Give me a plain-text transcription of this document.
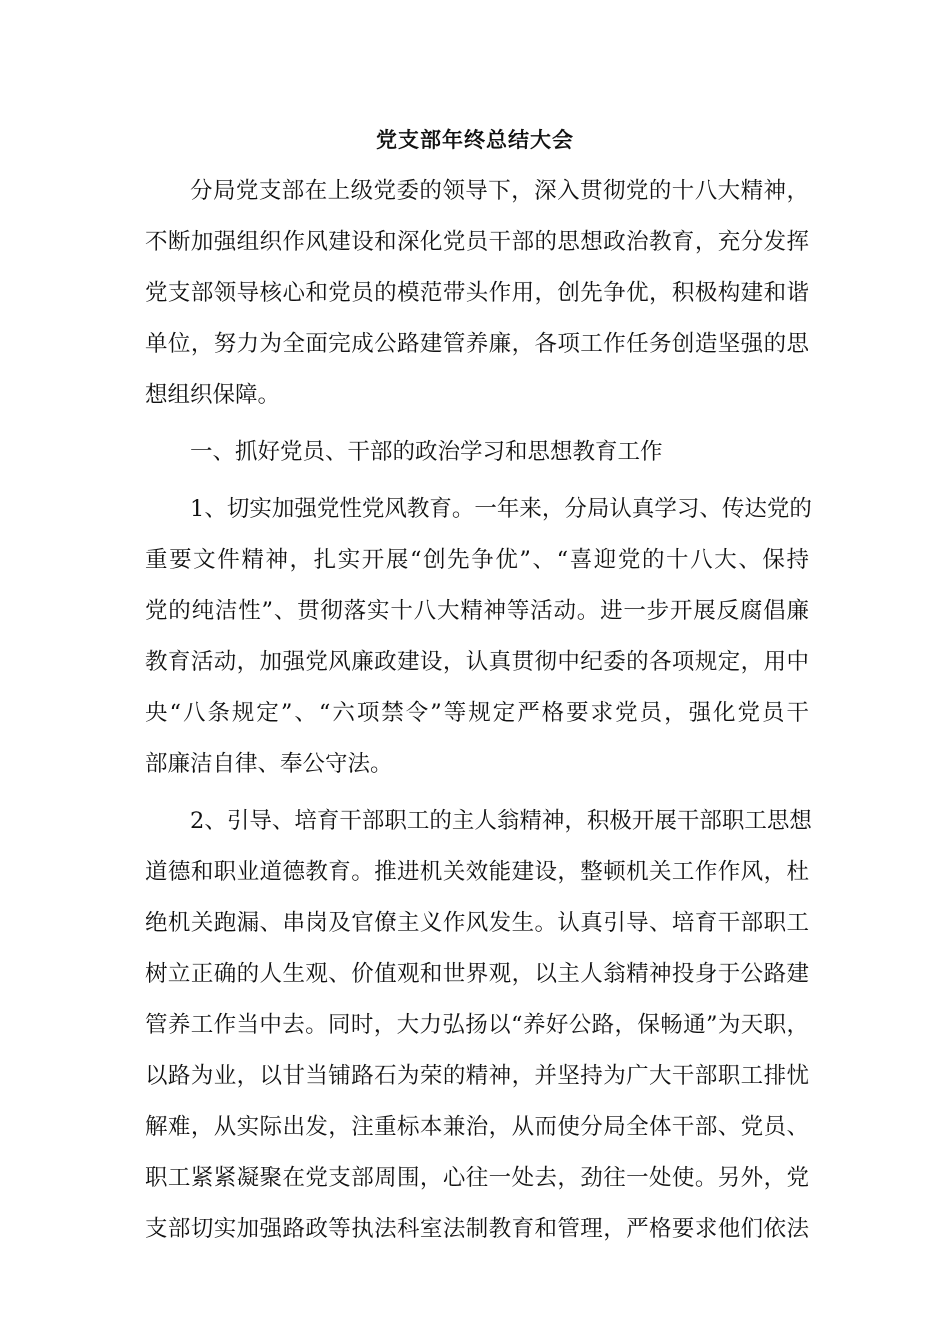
党支部年终总结大会
分局党支部在上级党委的领导下，深入贯彻党的十八大精神，
不断加强组织作风建设和深化党员干部的思想政治教育，充分发挥
党支部领导核心和党员的模范带头作用，创先争优，积极构建和谐
单位，努力为全面完成公路建管养廉，各项工作任务创造坚强的思
想组织保障。
一、抓好党员、干部的政治学习和思想教育工作
1、切实加强党性党风教育。一年来，分局认真学习、传达党的
重要文件精神，扎实开展“创先争优”、“喜迎党的十八大、保持
党的纯洁性”、贯彻落实十八大精神等活动。进一步开展反腐倡廉
教育活动，加强党风廉政建设，认真贯彻中纪委的各项规定，用中
央“八条规定”、“六项禁令”等规定严格要求党员，强化党员干
部廉洁自律、奉公守法。
2、引导、培育干部职工的主人翁精神，积极开展干部职工思想
道德和职业道德教育。推进机关效能建设，整顿机关工作作风，杜
绝机关跑漏、串岗及官僚主义作风发生。认真引导、培育干部职工
树立正确的人生观、价值观和世界观，以主人翁精神投身于公路建
管养工作当中去。同时，大力弘扬以“养好公路，保畅通”为天职，
以路为业，以甘当铺路石为荣的精神，并坚持为广大干部职工排忧
解难，从实际出发，注重标本兼治，从而使分局全体干部、党员、
职工紧紧凝聚在党支部周围，心往一处去，劲往一处使。另外，党
支部切实加强路政等执法科室法制教育和管理，严格要求他们依法
